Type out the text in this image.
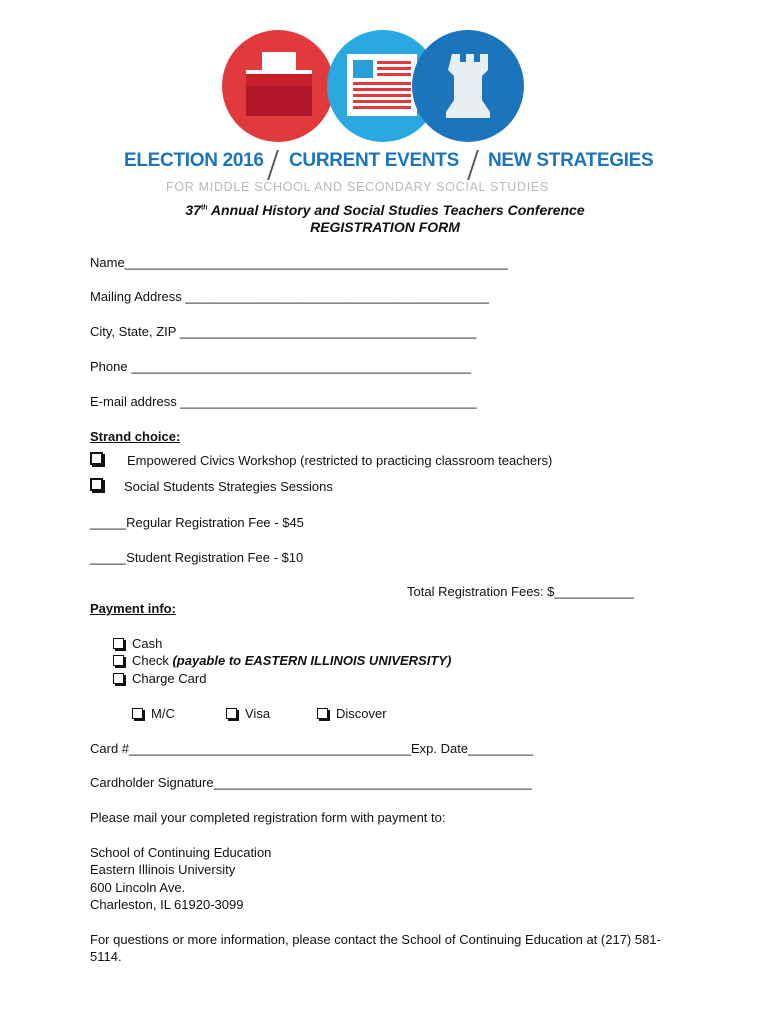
ELECTION 2016 CURRENT EVENTS NEW STRATEGIES
FOR MIDDLE SCHOOL AND SECONDARY SOCIAL STUDIES
37th Annual History and Social Studies Teachers Conference
REGISTRATION FORM
Name_____________________________________________________
Mailing Address __________________________________________
City, State, ZIP _________________________________________
Phone _______________________________________________
E-mail address _________________________________________
Strand choice:
Empowered Civics Workshop (restricted to practicing classroom teachers)
Social Students Strategies Sessions
_____Regular Registration Fee - $45
_____Student Registration Fee - $10
Total Registration Fees: $___________
Payment info:
Cash
Check (payable to EASTERN ILLINOIS UNIVERSITY)
Charge Card
M/C	Visa	Discover
Card #_______________________________________Exp. Date_________
Cardholder Signature____________________________________________
Please mail your completed registration form with payment to:
School of Continuing Education
Eastern Illinois University
600 Lincoln Ave.
Charleston, IL 61920-3099
For questions or more information, please contact the School of Continuing Education at (217) 581-
5114.
